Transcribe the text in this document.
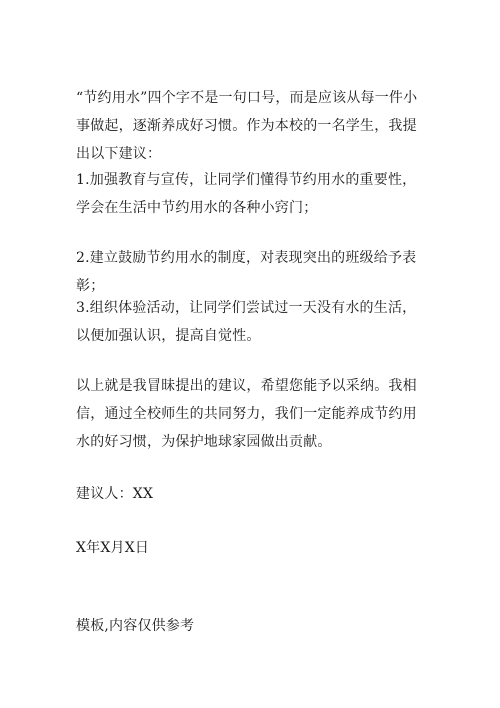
“节约用水”四个字不是一句口号，而是应该从每一件小事做起，逐渐养成好习惯。作为本校的一名学生，我提出以下建议：

1.加强教育与宣传，让同学们懂得节约用水的重要性，学会在生活中节约用水的各种小窍门；

2.建立鼓励节约用水的制度，对表现突出的班级给予表彰；

3.组织体验活动，让同学们尝试过一天没有水的生活，以便加强认识，提高自觉性。

以上就是我冒昧提出的建议，希望您能予以采纳。我相信，通过全校师生的共同努力，我们一定能养成节约用水的好习惯，为保护地球家园做出贡献。

建议人：XX

X年X月X日

模板,内容仅供参考
